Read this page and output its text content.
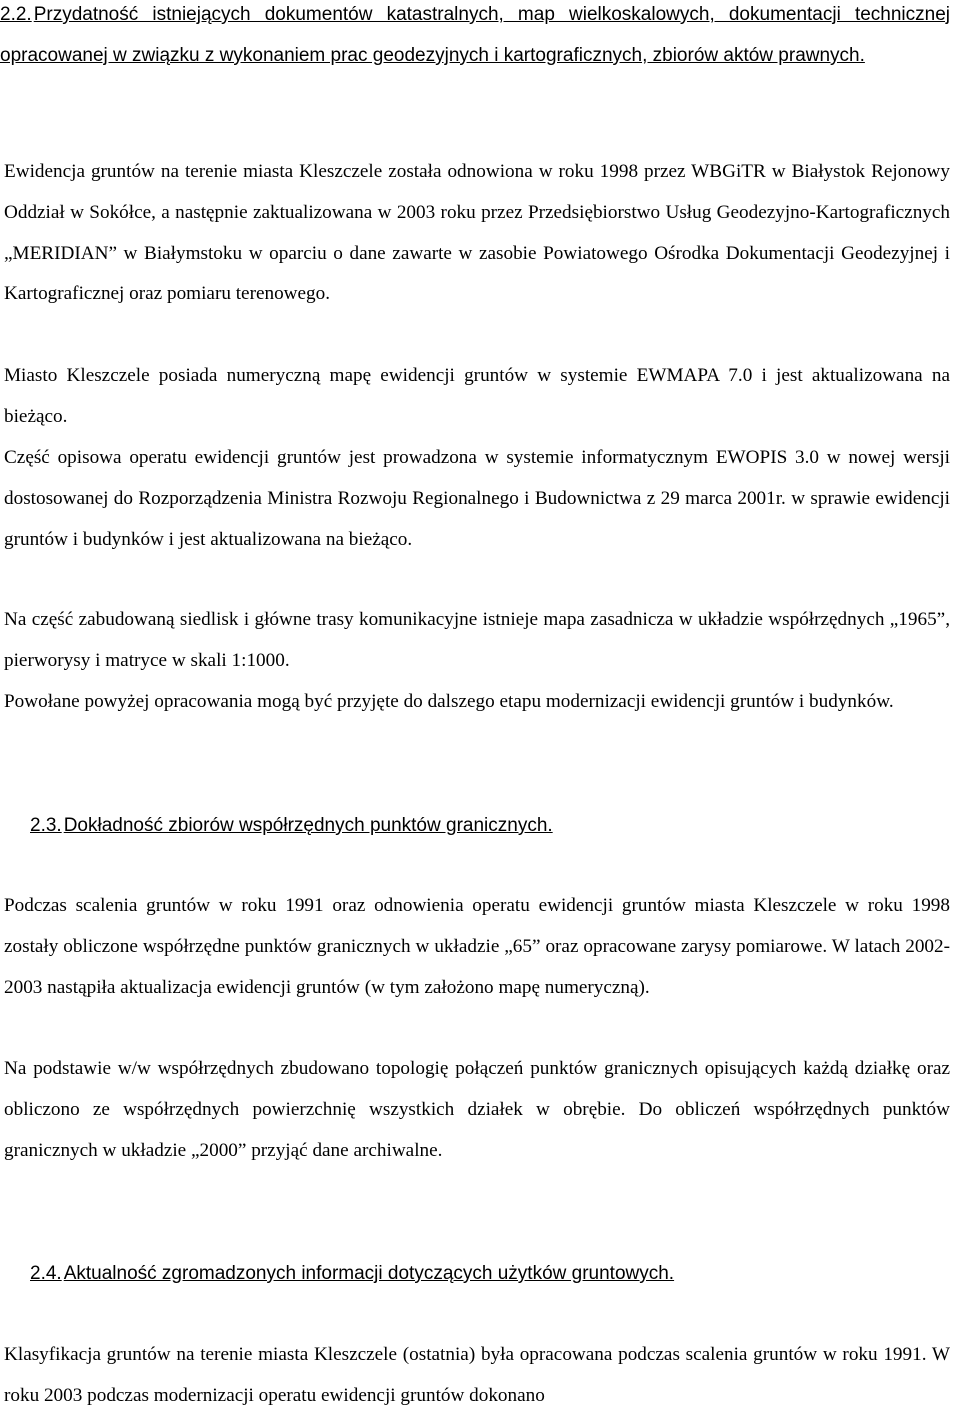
2.2. Przydatność istniejących dokumentów katastralnych, map wielkoskalowych, dokumentacji technicznej opracowanej w związku z wykonaniem prac geodezyjnych i kartograficznych, zbiorów aktów prawnych.

Ewidencja gruntów na terenie miasta Kleszczele została odnowiona w roku 1998 przez WBGiTR w Białystok Rejonowy Oddział w Sokółce, a następnie zaktualizowana w 2003 roku przez Przedsiębiorstwo Usług Geodezyjno-Kartograficznych „MERIDIAN” w Białymstoku w oparciu o dane zawarte w zasobie Powiatowego Ośrodka Dokumentacji Geodezyjnej i Kartograficznej oraz pomiaru terenowego.

Miasto Kleszczele posiada numeryczną mapę ewidencji gruntów w systemie EWMAPA 7.0 i jest aktualizowana na bieżąco.

Część opisowa operatu ewidencji gruntów jest prowadzona w systemie informatycznym EWOPIS 3.0 w nowej wersji dostosowanej do Rozporządzenia Ministra Rozwoju Regionalnego i Budownictwa z 29 marca 2001r. w sprawie ewidencji gruntów i budynków i jest aktualizowana na bieżąco.

Na część zabudowaną siedlisk i główne trasy komunikacyjne istnieje mapa zasadnicza w układzie współrzędnych „1965”, pierworysy i matryce w skali 1:1000.

Powołane powyżej opracowania mogą być przyjęte do dalszego etapu modernizacji ewidencji gruntów i budynków.

2.3. Dokładność zbiorów współrzędnych punktów granicznych.

Podczas scalenia gruntów w roku 1991 oraz odnowienia operatu ewidencji gruntów miasta Kleszczele w roku 1998 zostały obliczone współrzędne punktów granicznych w układzie „65” oraz opracowane zarysy pomiarowe. W latach 2002-2003 nastąpiła aktualizacja ewidencji gruntów (w tym założono mapę numeryczną).

Na podstawie w/w współrzędnych zbudowano topologię połączeń punktów granicznych opisujących każdą działkę oraz obliczono ze współrzędnych powierzchnię wszystkich działek w obrębie. Do obliczeń współrzędnych punktów granicznych w układzie „2000” przyjąć dane archiwalne.

2.4. Aktualność zgromadzonych informacji dotyczących użytków gruntowych.

Klasyfikacja gruntów na terenie miasta Kleszczele (ostatnia) była opracowana podczas scalenia gruntów w roku 1991. W roku 2003 podczas modernizacji operatu ewidencji gruntów dokonano
